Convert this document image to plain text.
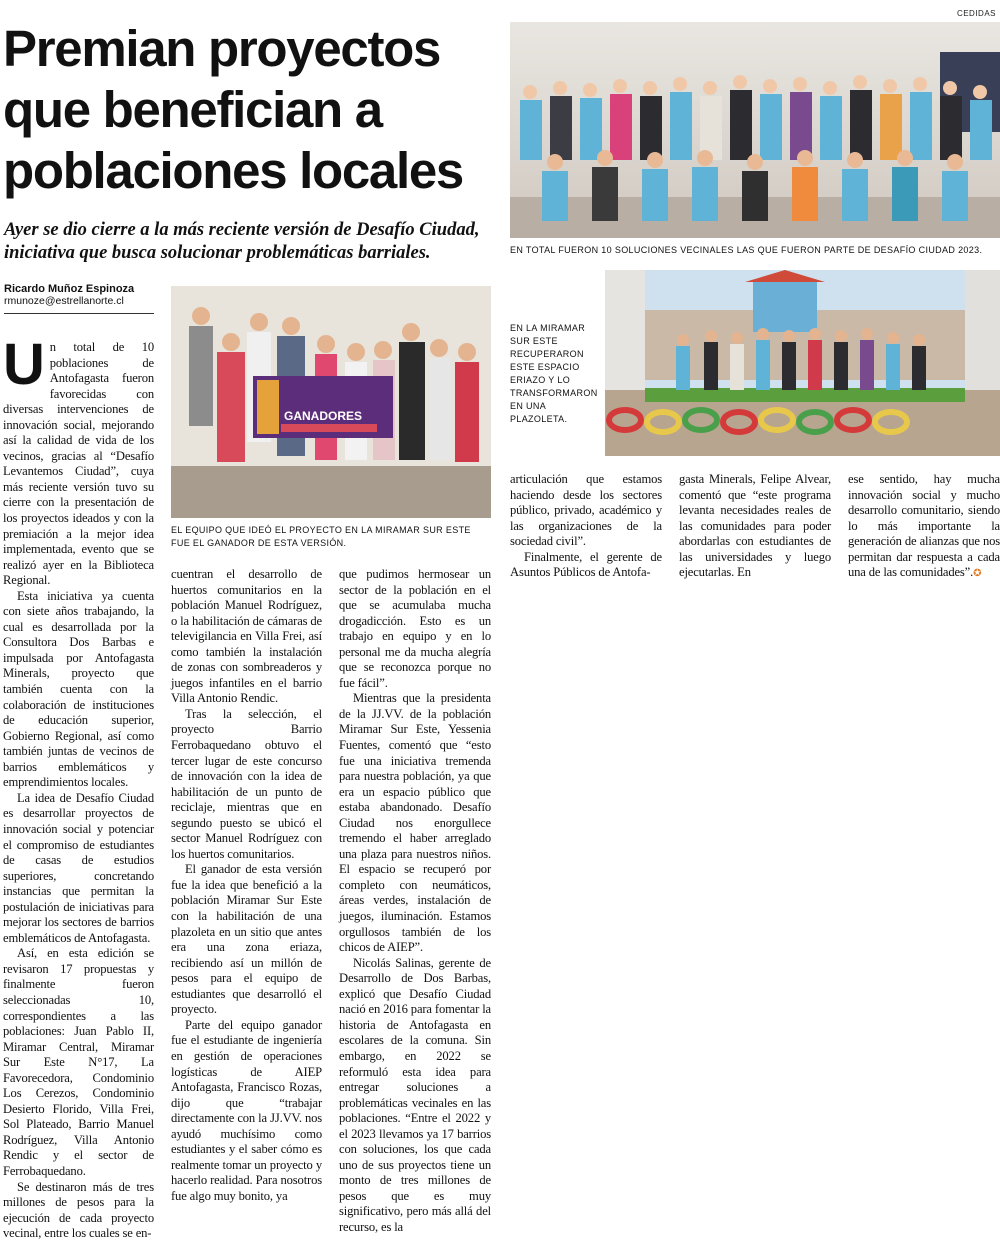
CEDIDAS
Premian proyectos que benefician a poblaciones locales

Ayer se dio cierre a la más reciente versión de Desafío Ciudad, iniciativa que busca solucionar problemáticas barriales.

Ricardo Muñoz Espinoza
rmunoze@estrellanorte.cl
EN TOTAL FUERON 10 SOLUCIONES VECINALES LAS QUE FUERON PARTE DE DESAFÍO CIUDAD 2023.
GANADORES
EL EQUIPO QUE IDEÓ EL PROYECTO EN LA MIRAMAR SUR ESTE FUE EL GANADOR DE ESTA VERSIÓN.
EN LA MIRAMAR SUR ESTE RECUPERARON ESTE ESPACIO ERIAZO Y LO TRANSFORMARON EN UNA PLAZOLETA.
U n total de 10 poblaciones de Antofagasta fueron favorecidas con diversas intervenciones de innovación social, mejorando así la calidad de vida de los vecinos, gracias al “Desafío Levantemos Ciudad”, cuya más reciente versión tuvo su cierre con la presentación de los proyectos ideados y con la premiación a la mejor idea implementada, evento que se realizó ayer en la Biblioteca Regional.

Esta iniciativa ya cuenta con siete años trabajando, la cual es desarrollada por la Consultora Dos Barbas e impulsada por Antofagasta Minerals, proyecto que también cuenta con la colaboración de instituciones de educación superior, Gobierno Regional, así como también juntas de vecinos de barrios emblemáticos y emprendimientos locales.

La idea de Desafío Ciudad es desarrollar proyectos de innovación social y potenciar el compromiso de estudiantes de casas de estudios superiores, concretando instancias que permitan la postulación de iniciativas para mejorar los sectores de barrios emblemáticos de Antofagasta.

Así, en esta edición se revisaron 17 propuestas y finalmente fueron seleccionadas 10, correspondientes a las poblaciones: Juan Pablo II, Miramar Central, Miramar Sur Este N°17, La Favorecedora, Condominio Los Cerezos, Condominio Desierto Florido, Villa Frei, Sol Plateado, Barrio Manuel Rodríguez, Villa Antonio Rendic y el sector de Ferrobaquedano.

Se destinaron más de tres millones de pesos para la ejecución de cada proyecto vecinal, entre los cuales se en-

cuentran el desarrollo de huertos comunitarios en la población Manuel Rodríguez, o la habilitación de cámaras de televigilancia en Villa Frei, así como también la instalación de zonas con sombreaderos y juegos infantiles en el barrio Villa Antonio Rendic.

Tras la selección, el proyecto Barrio Ferrobaquedano obtuvo el tercer lugar de este concurso de innovación con la idea de habilitación de un punto de reciclaje, mientras que en segundo puesto se ubicó el sector Manuel Rodríguez con los huertos comunitarios.

El ganador de esta versión fue la idea que benefició a la población Miramar Sur Este con la habilitación de una plazoleta en un sitio que antes era una zona eriaza, recibiendo así un millón de pesos para el equipo de estudiantes que desarrolló el proyecto.

Parte del equipo ganador fue el estudiante de ingeniería en gestión de operaciones logísticas de AIEP Antofagasta, Francisco Rozas, dijo que “trabajar directamente con la JJ.VV. nos ayudó muchísimo como estudiantes y el saber cómo es realmente tomar un proyecto y hacerlo realidad. Para nosotros fue algo muy bonito, ya

que pudimos hermosear un sector de la población en el que se acumulaba mucha drogadicción. Esto es un trabajo en equipo y en lo personal me da mucha alegría que se reconozca porque no fue fácil”.

Mientras que la presidenta de la JJ.VV. de la población Miramar Sur Este, Yessenia Fuentes, comentó que “esto fue una iniciativa tremenda para nuestra población, ya que era un espacio público que estaba abandonado. Desafío Ciudad nos enorgullece tremendo el haber arreglado una plaza para nuestros niños. El espacio se recuperó por completo con neumáticos, áreas verdes, instalación de juegos, iluminación. Estamos orgullosos también de los chicos de AIEP”.

Nicolás Salinas, gerente de Desarrollo de Dos Barbas, explicó que Desafío Ciudad nació en 2016 para fomentar la historia de Antofagasta en escolares de la comuna. Sin embargo, en 2022 se reformuló esta idea para entregar soluciones a problemáticas vecinales en las poblaciones. “Entre el 2022 y el 2023 llevamos ya 17 barrios con soluciones, los que cada uno de sus proyectos tiene un monto de tres millones de pesos que es muy significativo, pero más allá del recurso, es la

articulación que estamos haciendo desde los sectores público, privado, académico y las organizaciones de la sociedad civil”.

Finalmente, el gerente de Asuntos Públicos de Antofa-

gasta Minerals, Felipe Alvear, comentó que “este programa levanta necesidades reales de las comunidades para poder abordarlas con estudiantes de las universidades y luego ejecutarlas. En

ese sentido, hay mucha innovación social y mucho desarrollo comunitario, siendo lo más importante la generación de alianzas que nos permitan dar respuesta a cada una de las comunidades”.✪
